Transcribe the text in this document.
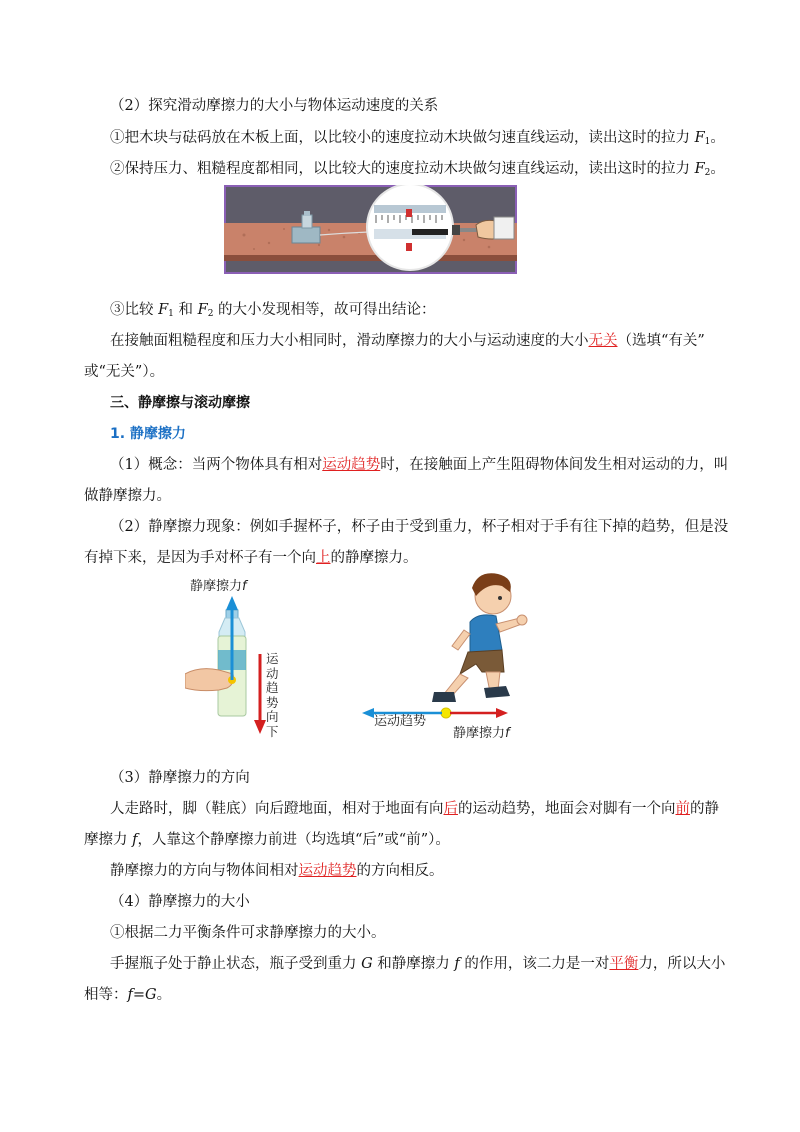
（2）探究滑动摩擦力的大小与物体运动速度的关系
①把木块与砝码放在木板上面，以比较小的速度拉动木块做匀速直线运动，读出这时的拉力 $F_1$。
②保持压力、粗糙程度都相同，以比较大的速度拉动木块做匀速直线运动，读出这时的拉力 $F_2$。
③比较 $F_1$ 和 $F_2$ 的大小发现相等，故可得出结论：
在接触面粗糙程度和压力大小相同时，滑动摩擦力的大小与运动速度的大小无关（选填“有关”
或“无关”）。
三、静摩擦与滚动摩擦
1. 静摩擦力
（1）概念：当两个物体具有相对运动趋势时，在接触面上产生阻碍物体间发生相对运动的力，叫
做静摩擦力。
（2）静摩擦力现象：例如手握杯子，杯子由于受到重力，杯子相对于手有往下掉的趋势，但是没
有掉下来，是因为手对杯子有一个向上的静摩擦力。
静摩擦力f
运
动
趋
势
向
下
运动趋势
静摩擦力f
（3）静摩擦力的方向
人走路时，脚（鞋底）向后蹬地面，相对于地面有向后的运动趋势，地面会对脚有一个向前的静
摩擦力 f，人靠这个静摩擦力前进（均选填“后”或“前”）。
静摩擦力的方向与物体间相对运动趋势的方向相反。
（4）静摩擦力的大小
①根据二力平衡条件可求静摩擦力的大小。
手握瓶子处于静止状态，瓶子受到重力 G 和静摩擦力 f 的作用，该二力是一对平衡力，所以大小
相等：f=G。
